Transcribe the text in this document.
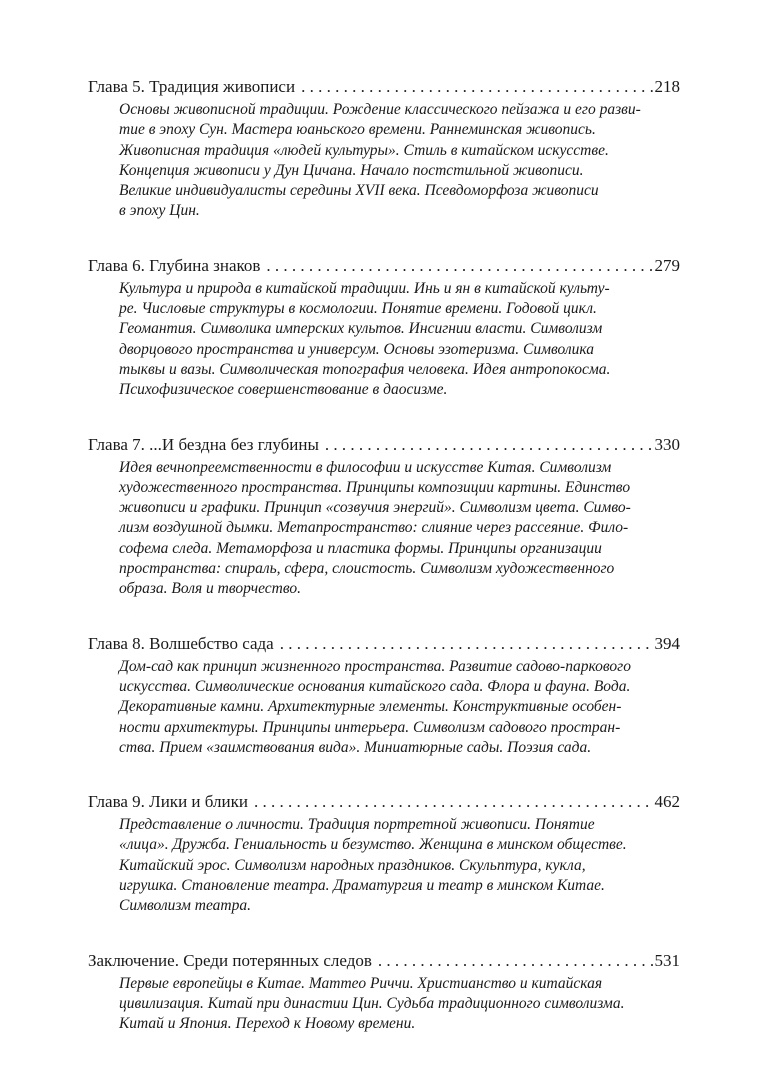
Глава 5. Традиция живописи . . .	218
Основы живописной традиции. Рождение классического пейзажа и его разви-
тие в эпоху Сун. Мастера юаньского времени. Раннеминская живопись.
Живописная традиция «людей культуры». Стиль в китайском искусстве.
Концепция живописи у Дун Цичана. Начало постстильной живописи.
Великие индивидуалисты середины XVII века. Псевдоморфоза живописи
в эпоху Цин.
Глава 6. Глубина знаков . . .	279
Культура и природа в китайской традиции. Инь и ян в китайской культу-
ре. Числовые структуры в космологии. Понятие времени. Годовой цикл.
Геомантия. Символика имперских культов. Инсигнии власти. Символизм
дворцового пространства и универсум. Основы эзотеризма. Символика
тыквы и вазы. Символическая топография человека. Идея антропокосма.
Психофизическое совершенствование в даосизме.
Глава 7. ...И бездна без глубины . . .	330
Идея вечнопреемственности в философии и искусстве Китая. Символизм
художественного пространства. Принципы композиции картины. Единство
живописи и графики. Принцип «созвучия энергий». Символизм цвета. Симво-
лизм воздушной дымки. Метапространство: слияние через рассеяние. Фило-
софема следа. Метаморфоза и пластика формы. Принципы организации
пространства: спираль, сфера, слоистость. Символизм художественного
образа. Воля и творчество.
Глава 8. Волшебство сада . . .	394
Дом-сад как принцип жизненного пространства. Развитие садово-паркового
искусства. Символические основания китайского сада. Флора и фауна. Вода.
Декоративные камни. Архитектурные элементы. Конструктивные особен-
ности архитектуры. Принципы интерьера. Символизм садового простран-
ства. Прием «заимствования вида». Миниатюрные сады. Поэзия сада.
Глава 9. Лики и блики . . .	462
Представление о личности. Традиция портретной живописи. Понятие
«лица». Дружба. Гениальность и безумство. Женщина в минском обществе.
Китайский эрос. Символизм народных праздников. Скульптура, кукла,
игрушка. Становление театра. Драматургия и театр в минском Китае.
Символизм театра.
Заключение. Среди потерянных следов . . .	531
Первые европейцы в Китае. Маттео Риччи. Христианство и китайская
цивилизация. Китай при династии Цин. Судьба традиционного символизма.
Китай и Япония. Переход к Новому времени.
